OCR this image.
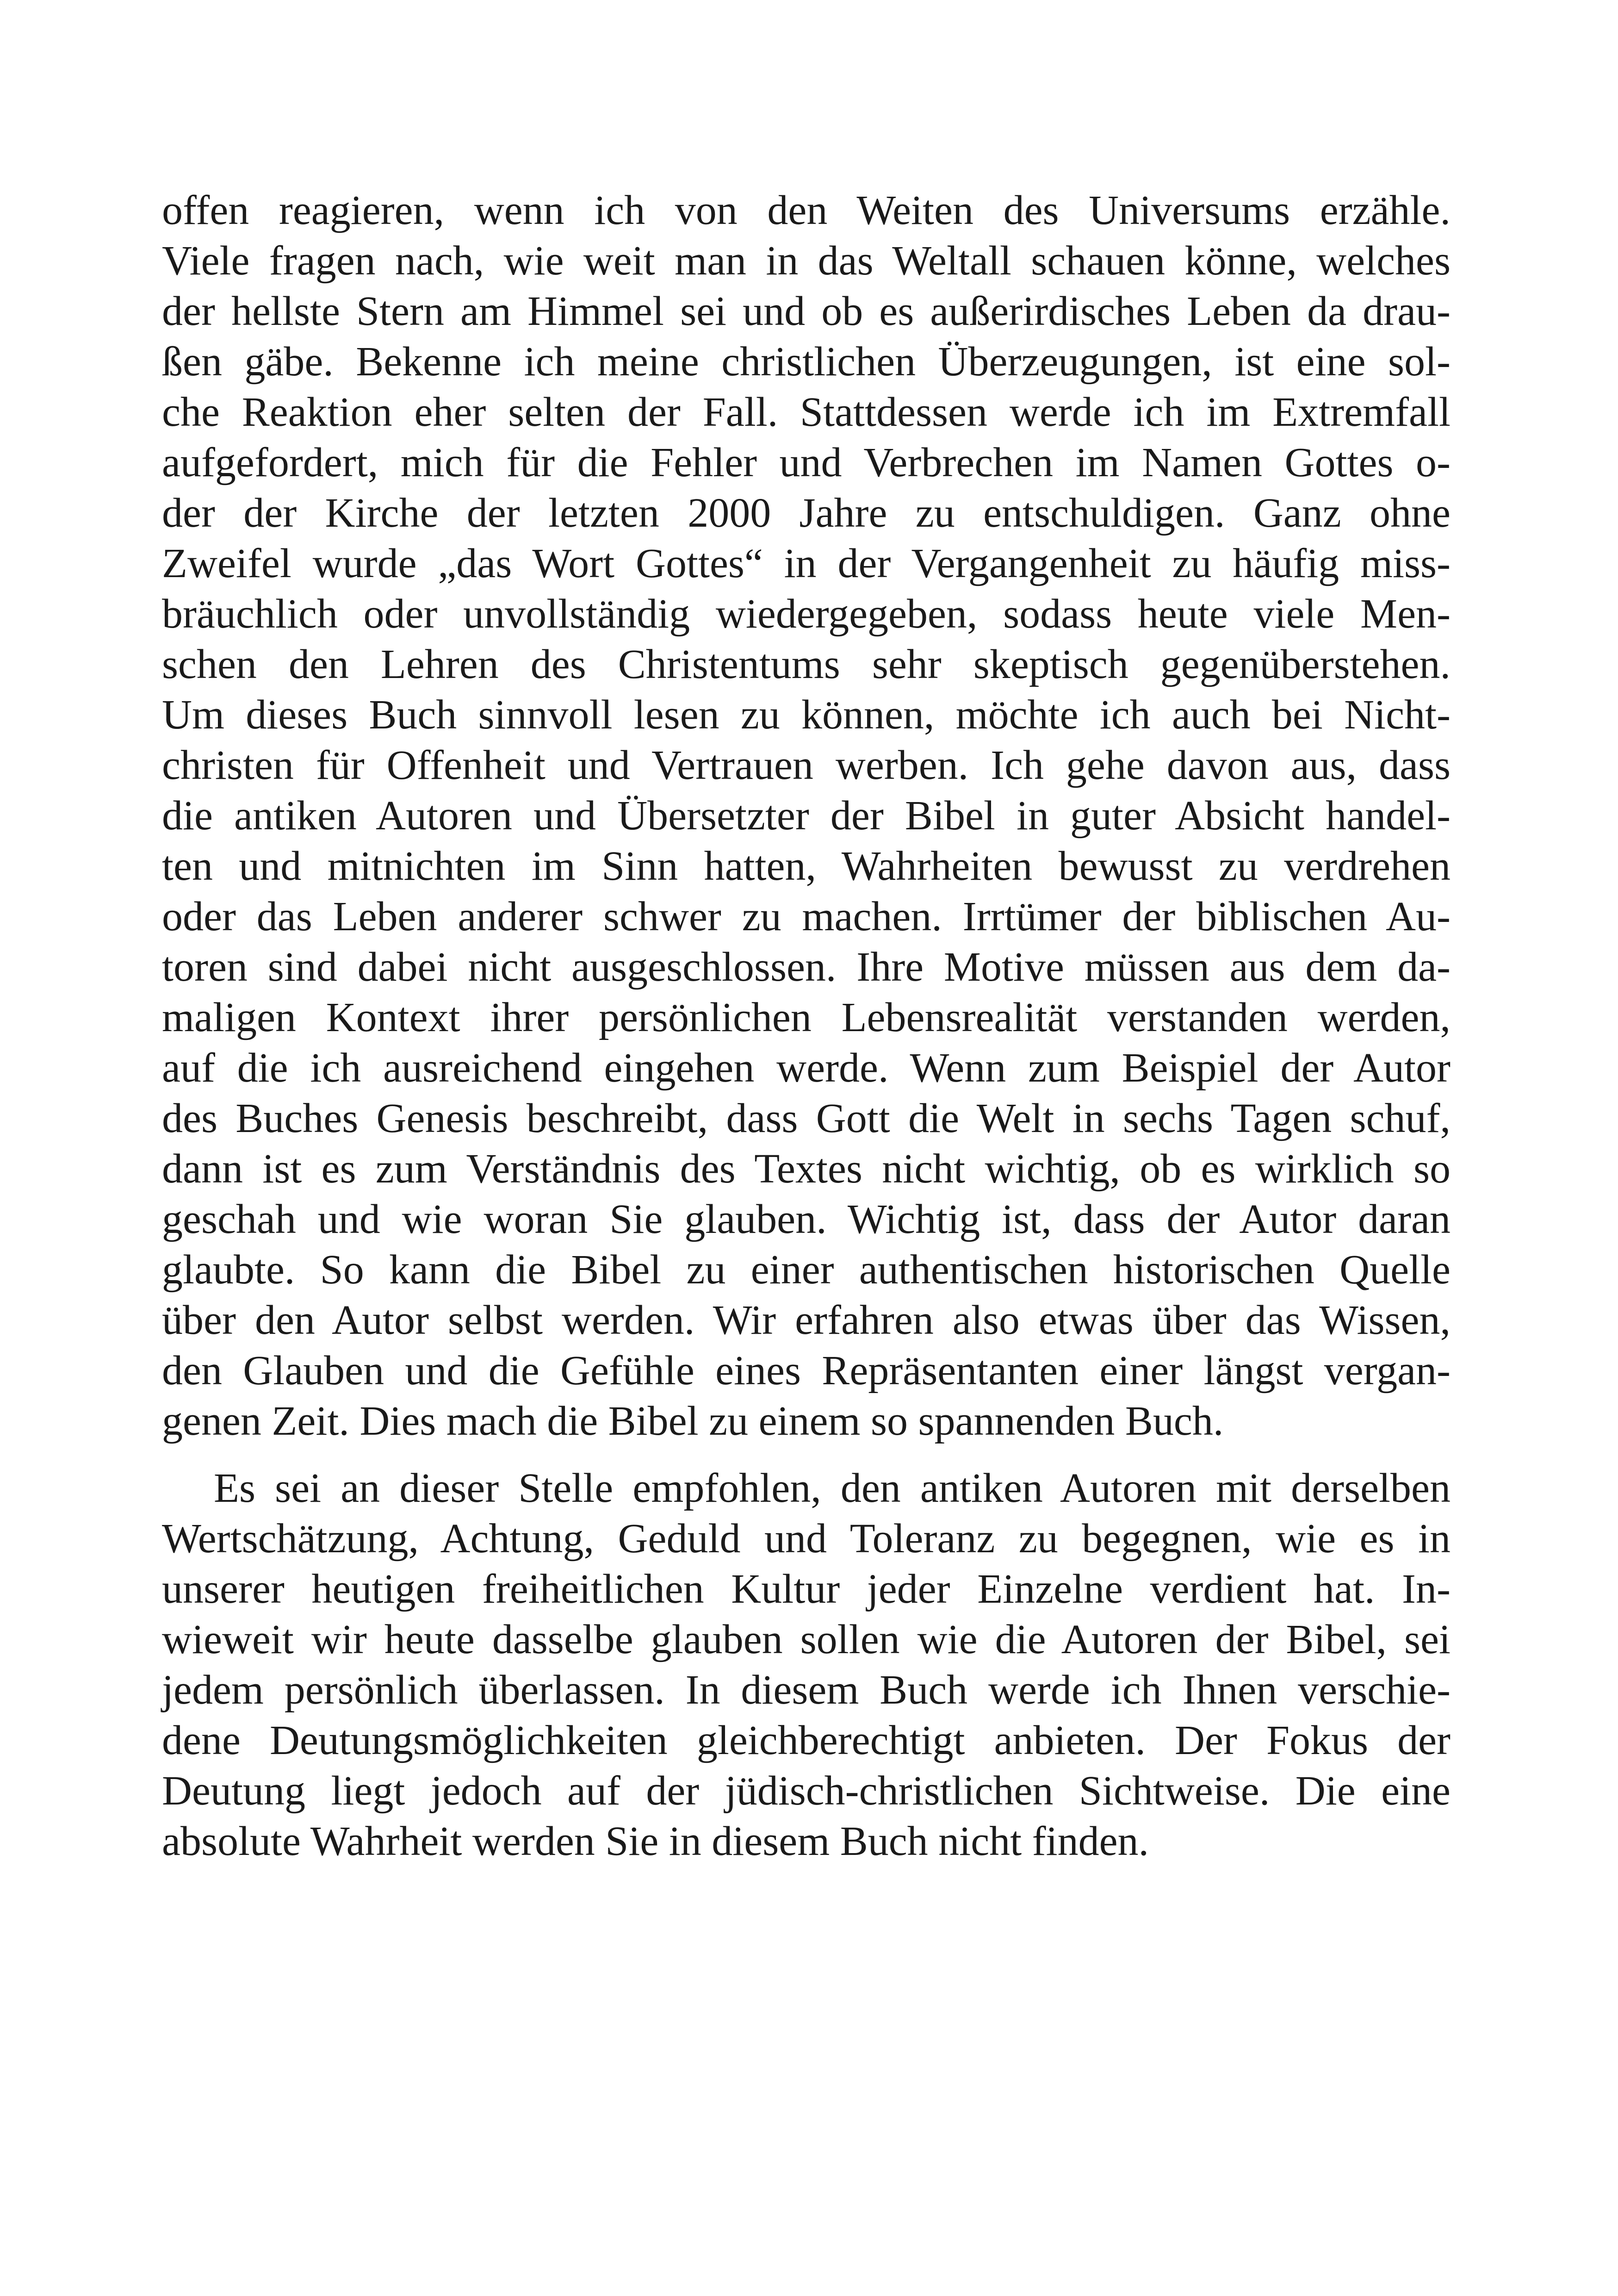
offen reagieren, wenn ich von den Weiten des Universums erzähle.
Viele fragen nach, wie weit man in das Weltall schauen könne, welches
der hellste Stern am Himmel sei und ob es außerirdisches Leben da drau-
ßen gäbe. Bekenne ich meine christlichen Überzeugungen, ist eine sol-
che Reaktion eher selten der Fall. Stattdessen werde ich im Extremfall
aufgefordert, mich für die Fehler und Verbrechen im Namen Gottes o-
der der Kirche der letzten 2000 Jahre zu entschuldigen. Ganz ohne
Zweifel wurde „das Wort Gottes“ in der Vergangenheit zu häufig miss-
bräuchlich oder unvollständig wiedergegeben, sodass heute viele Men-
schen den Lehren des Christentums sehr skeptisch gegenüberstehen.
Um dieses Buch sinnvoll lesen zu können, möchte ich auch bei Nicht-
christen für Offenheit und Vertrauen werben. Ich gehe davon aus, dass
die antiken Autoren und Übersetzter der Bibel in guter Absicht handel-
ten und mitnichten im Sinn hatten, Wahrheiten bewusst zu verdrehen
oder das Leben anderer schwer zu machen. Irrtümer der biblischen Au-
toren sind dabei nicht ausgeschlossen. Ihre Motive müssen aus dem da-
maligen Kontext ihrer persönlichen Lebensrealität verstanden werden,
auf die ich ausreichend eingehen werde. Wenn zum Beispiel der Autor
des Buches Genesis beschreibt, dass Gott die Welt in sechs Tagen schuf,
dann ist es zum Verständnis des Textes nicht wichtig, ob es wirklich so
geschah und wie woran Sie glauben. Wichtig ist, dass der Autor daran
glaubte. So kann die Bibel zu einer authentischen historischen Quelle
über den Autor selbst werden. Wir erfahren also etwas über das Wissen,
den Glauben und die Gefühle eines Repräsentanten einer längst vergan-
genen Zeit. Dies mach die Bibel zu einem so spannenden Buch.

Es sei an dieser Stelle empfohlen, den antiken Autoren mit derselben
Wertschätzung, Achtung, Geduld und Toleranz zu begegnen, wie es in
unserer heutigen freiheitlichen Kultur jeder Einzelne verdient hat. In-
wieweit wir heute dasselbe glauben sollen wie die Autoren der Bibel, sei
jedem persönlich überlassen. In diesem Buch werde ich Ihnen verschie-
dene Deutungsmöglichkeiten gleichberechtigt anbieten. Der Fokus der
Deutung liegt jedoch auf der jüdisch-christlichen Sichtweise. Die eine
absolute Wahrheit werden Sie in diesem Buch nicht finden.
